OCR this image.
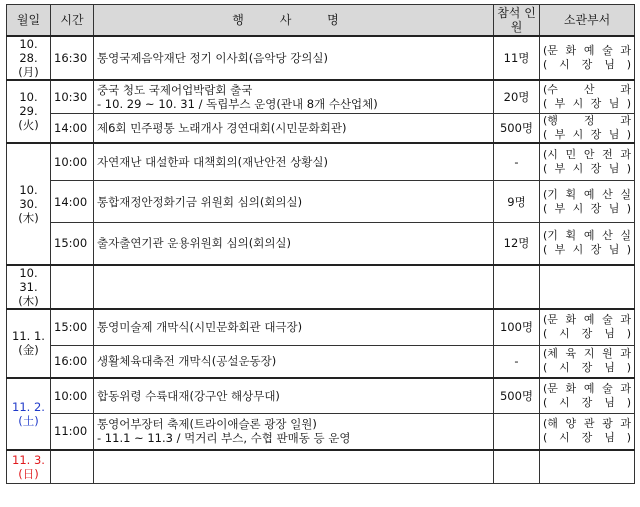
월일	시간	행 사 명	참석 인원	소관부서
10. 28.
(月)	16:30	통영국제음악재단 정기 이사회(음악당 강의실)	11명	(문 화 예 술 과
( 시 장 님 )

10. 29.
(火)	10:30	중국 청도 국제어업박람회 출국
- 10. 29 ~ 10. 31 / 독립부스 운영(관내 8개 수산업체)	20명	(수 산 과
( 부 시 장 님 )

	14:00	제6회 민주평통 노래개사 경연대회(시민문화회관)	500명	(행 정 과
( 부 시 장 님 )

10. 30.
(木)	10:00	자연재난 대설한파 대책회의(재난안전 상황실)	-	(시 민 안 전 과
( 부 시 장 님 )

	14:00	통합재정안정화기금 위원회 심의(회의실)	9명	(기 획 예 산 실
( 부 시 장 님 )

	15:00	출자출연기관 운용위원회 심의(회의실)	12명	(기 획 예 산 실
( 부 시 장 님 )

10. 31.
(木)				

11. 1.
(金)	15:00	통영미술제 개막식(시민문화회관 대극장)	100명	(문 화 예 술 과
( 시 장 님 )

	16:00	생활체육대축전 개막식(공설운동장)	-	(체 육 지 원 과
( 시 장 님 )

11. 2.
(土)	10:00	합동위령 수륙대재(강구안 해상무대)	500명	(문 화 예 술 과
( 시 장 님 )

	11:00	통영어부장터 축제(트라이애슬론 광장 일원)
- 11.1 ~ 11.3 / 먹거리 부스, 수협 판매동 등 운영		(해 양 관 광 과
( 시 장 님 )

11. 3.
(日)				
